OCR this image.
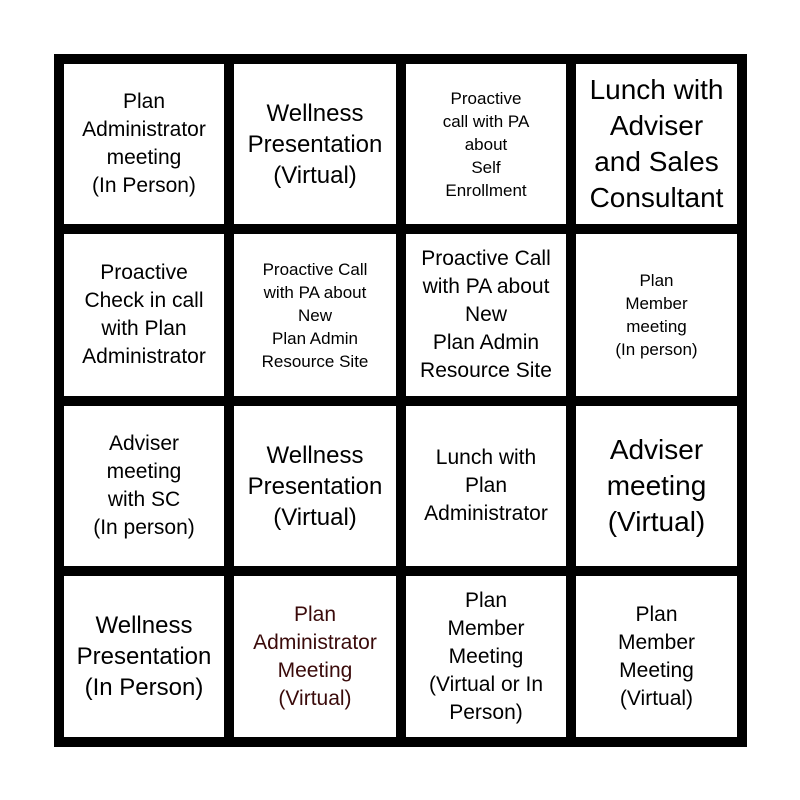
Plan
Administrator
meeting
(In Person)
Wellness
Presentation
(Virtual)
Proactive
call with PA
about
Self
Enrollment
Lunch with
Adviser
and Sales
Consultant
Proactive
Check in call
with Plan
Administrator
Proactive Call
with PA about
New
Plan Admin
Resource Site
Proactive Call
with PA about
New
Plan Admin
Resource Site
Plan
Member
meeting
(In person)
Adviser
meeting
with SC
(In person)
Wellness
Presentation
(Virtual)
Lunch with
Plan
Administrator
Adviser
meeting
(Virtual)
Wellness
Presentation
(In Person)
Plan
Administrator
Meeting
(Virtual)
Plan
Member
Meeting
(Virtual or In
Person)
Plan
Member
Meeting
(Virtual)
